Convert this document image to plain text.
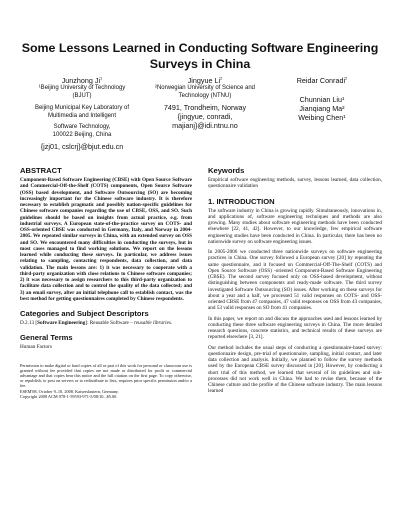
Some Lessons Learned in Conducting Software Engineering Surveys in China
Junzhong Ji$^1$
¹Beijing University of Technology
(BJUT)
Beijing Municipal Key Laboratory of
Multimedia and Intelligent
Software Technology,
100022 Beijing, China
{jzj01, cslcrj}@bjut.edu.cn
Jingyue Li$^2$
²Norwegian University of Science and
Technology (NTNU)
7491, Trondheim, Norway
{jingyue, conradi,
majianj}@idi.ntnu.no
Reidar Conradi$^2$
Chunnian Liu¹
Jianqiang Ma²
Weibing Chen¹
ABSTRACT

Component-Based Software Engineering (CBSE) with Open Source Software and Commercial-Off-the-Shelf (COTS) components, Open Source Software (OSS) based development, and Software Outsourcing (SO) are becoming increasingly important for the Chinese software industry. It is therefore necessary to establish pragmatic and possibly nation-specific guidelines for Chinese software companies regarding the use of CBSE, OSS, and SO. Such guidelines should be based on insights from actual practice, e.g. from industrial surveys. A European state-of-the-practice survey on COTS- and OSS-oriented CBSE was conducted in Germany, Italy, and Norway in 2004-2005. We repeated similar surveys in China, with an extended survey on OSS and SO. We encountered many difficulties in conducting the surveys, but in most cases managed to find working solutions. We report on the lessons learned while conducting these surveys. In particular, we address issues relating to sampling, contacting respondents, data collection, and data validation. The main lessons are: 1) it was necessary to cooperate with a third-party organization with close relations to Chinese software companies; 2) it was necessary to assign researchers to this third-party organization to facilitate data collection and to control the quality of the data collected; and 3) an email survey, after an initial telephone call to establish contact, was the best method for getting questionnaires completed by Chinese respondents.

Categories and Subject Descriptors

D.2.13 [Software Engineering]: Reusable Software – reusable libraries.

General Terms

Human Factors

Permission to make digital or hard copies of all or part of this work for personal or classroom use is granted without fee provided that copies are not made or distributed for profit or commercial advantage and that copies bear this notice and the full citation on the first page. To copy otherwise, or republish, to post on servers or to redistribute to lists, requires prior specific permission and/or a fee.

ESEM'08, October 9–10, 2008, Kaiserslautern, Germany.

Copyright 2008 ACM 978-1-59593-971-5/08/10...$5.00.

Keywords

Empirical software engineering methods, survey, lessons learned, data collection, questionnaire validation

1. INTRODUCTION

The software industry in China is growing rapidly. Simultaneously, innovations in, and applications of, software engineering techniques and methods are also growing. Many studies about software engineering methods have been conducted elsewhere [22, 41, 42]. However, to our knowledge, few empirical software engineering studies have been conducted in China. In particular, there has been no nationwide survey on software engineering issues.

In 2005-2006 we conducted three nationwide surveys on software engineering practices in China. One survey followed a European survey [20] by repeating the same questionnaire, and it focused on Commercial-Off-The-Shelf (COTS) and Open Source Software (OSS) -oriented Component-Based Software Engineering (CBSE). The second survey focused only on OSS-based development, without distinguishing between components and ready-made software. The third survey investigated Software Outsourcing (SO) issues. After working on these surveys for about a year and a half, we processed 51 valid responses on COTS- and OSS-oriented CBSE from 47 companies, 47 valid responses on OSS from 43 companies, and 53 valid responses on SO from 41 companies.

In this paper, we report on and discuss the approaches used and lessons learned by conducting these three software engineering surveys in China. The more detailed research questions, concrete statistics, and technical results of these surveys are reported elsewhere [3, 21].

Our method includes the usual steps of conducting a questionnaire-based survey: questionnaire design, pre-trial of questionnaire, sampling, initial contact, and later data collection and analysis. Initially, we planned to follow the survey methods used by the European CBSE survey discussed in [20]. However, by conducting a short trial of this method, we learned that several of its guidelines and sub-processes did not work well in China. We had to revise them, because of the Chinese culture and the profile of the Chinese software industry. The main lessons learned
